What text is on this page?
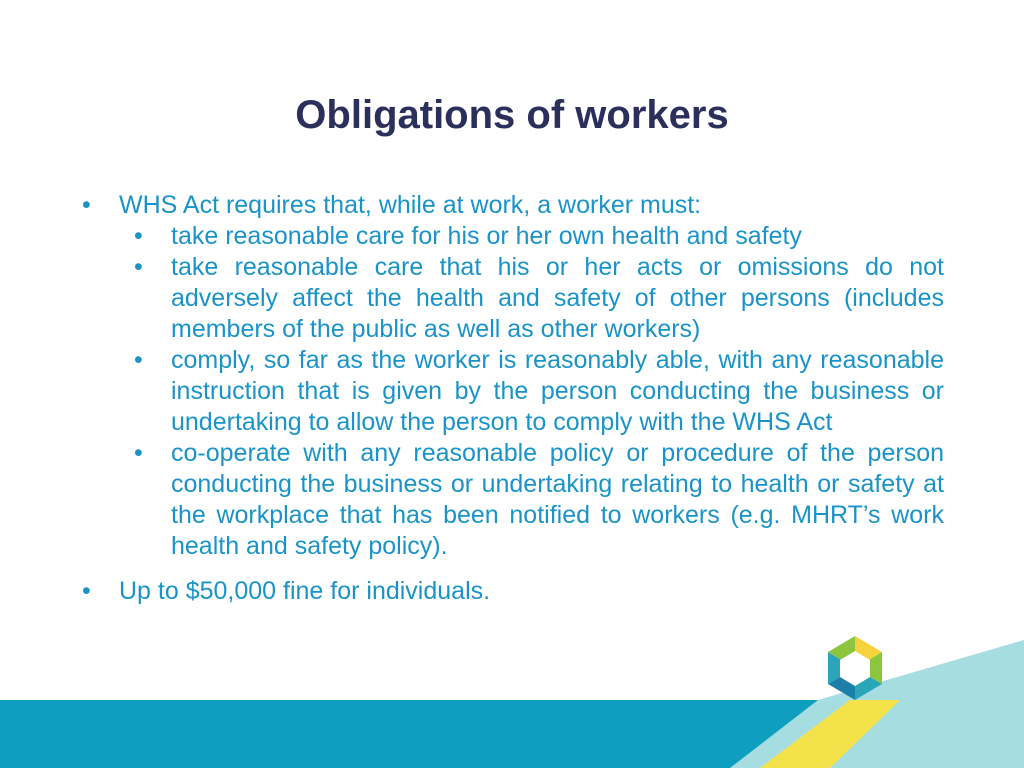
Obligations of workers
• WHS Act requires that, while at work, a worker must:
• take reasonable care for his or her own health and safety
• take reasonable care that his or her acts or omissions do not adversely affect the health and safety of other persons (includes members of the public as well as other workers)
• comply, so far as the worker is reasonably able, with any reasonable instruction that is given by the person conducting the business or undertaking to allow the person to comply with the WHS Act
• co-operate with any reasonable policy or procedure of the person conducting the business or undertaking relating to health or safety at the workplace that has been notified to workers (e.g. MHRT’s work health and safety policy).
• Up to $50,000 fine for individuals.
